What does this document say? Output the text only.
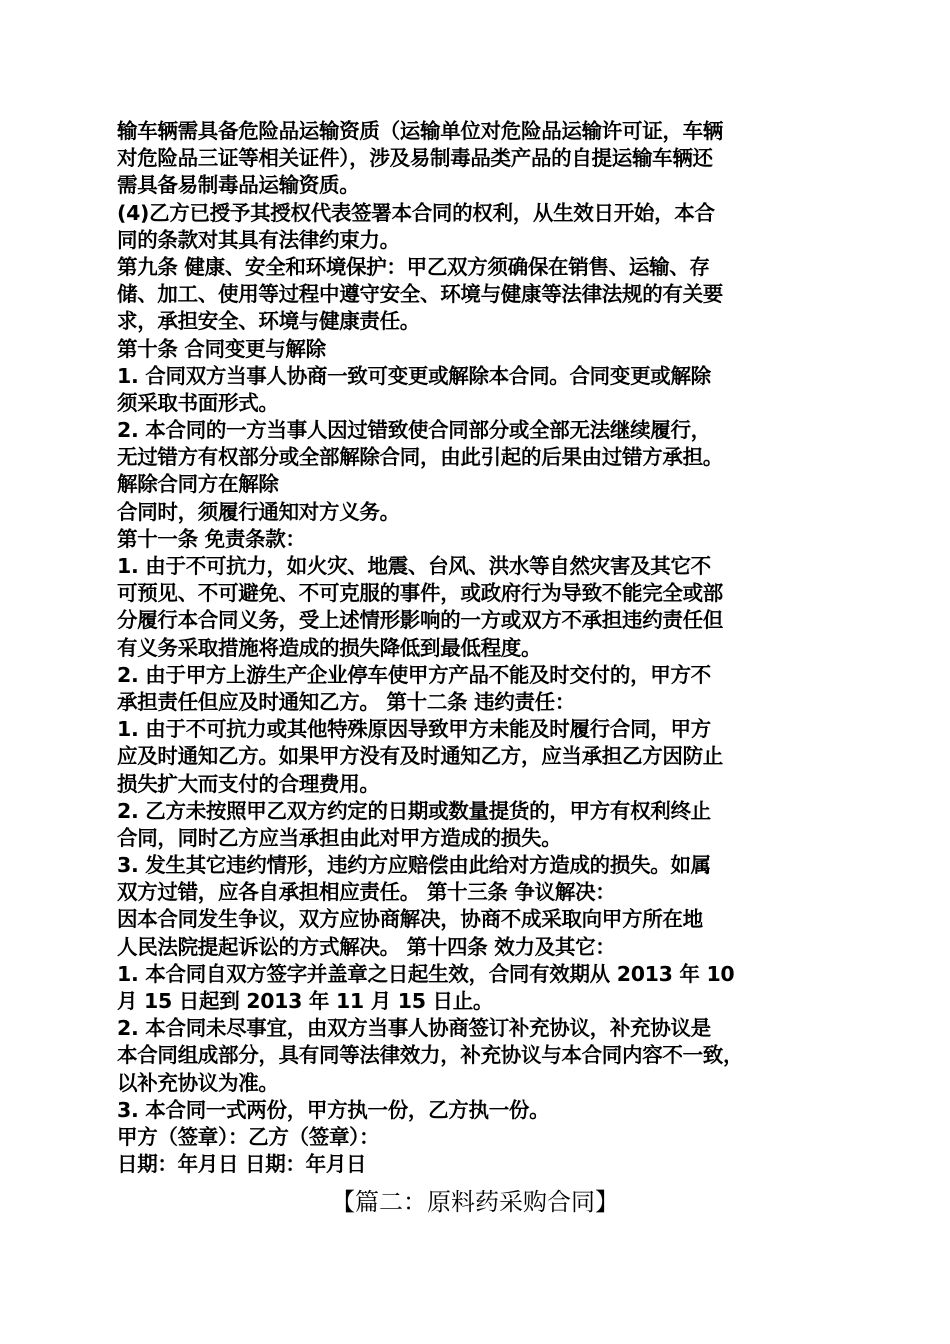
输车辆需具备危险品运输资质（运输单位对危险品运输许可证，车辆
对危险品三证等相关证件），涉及易制毒品类产品的自提运输车辆还
需具备易制毒品运输资质。
(4)乙方已授予其授权代表签署本合同的权利，从生效日开始，本合
同的条款对其具有法律约束力。
第九条 健康、安全和环境保护：甲乙双方须确保在销售、运输、存
储、加工、使用等过程中遵守安全、环境与健康等法律法规的有关要
求，承担安全、环境与健康责任。
第十条 合同变更与解除
1. 合同双方当事人协商一致可变更或解除本合同。合同变更或解除
须采取书面形式。
2. 本合同的一方当事人因过错致使合同部分或全部无法继续履行，
无过错方有权部分或全部解除合同，由此引起的后果由过错方承担。
解除合同方在解除
合同时，须履行通知对方义务。
第十一条 免责条款：
1. 由于不可抗力，如火灾、地震、台风、洪水等自然灾害及其它不
可预见、不可避免、不可克服的事件，或政府行为导致不能完全或部
分履行本合同义务，受上述情形影响的一方或双方不承担违约责任但
有义务采取措施将造成的损失降低到最低程度。
2. 由于甲方上游生产企业停车使甲方产品不能及时交付的，甲方不
承担责任但应及时通知乙方。 第十二条 违约责任：
1. 由于不可抗力或其他特殊原因导致甲方未能及时履行合同，甲方
应及时通知乙方。如果甲方没有及时通知乙方，应当承担乙方因防止
损失扩大而支付的合理费用。
2. 乙方未按照甲乙双方约定的日期或数量提货的，甲方有权利终止
合同，同时乙方应当承担由此对甲方造成的损失。
3. 发生其它违约情形，违约方应赔偿由此给对方造成的损失。如属
双方过错，应各自承担相应责任。 第十三条 争议解决：
因本合同发生争议，双方应协商解决，协商不成采取向甲方所在地
人民法院提起诉讼的方式解决。 第十四条 效力及其它：
1. 本合同自双方签字并盖章之日起生效，合同有效期从 2013 年 10
月 15 日起到 2013 年 11 月 15 日止。
2. 本合同未尽事宜，由双方当事人协商签订补充协议，补充协议是
本合同组成部分，具有同等法律效力，补充协议与本合同内容不一致，
以补充协议为准。
3. 本合同一式两份，甲方执一份，乙方执一份。
甲方（签章）：乙方（签章）：
日期：年月日 日期：年月日
【篇二：原料药采购合同】
